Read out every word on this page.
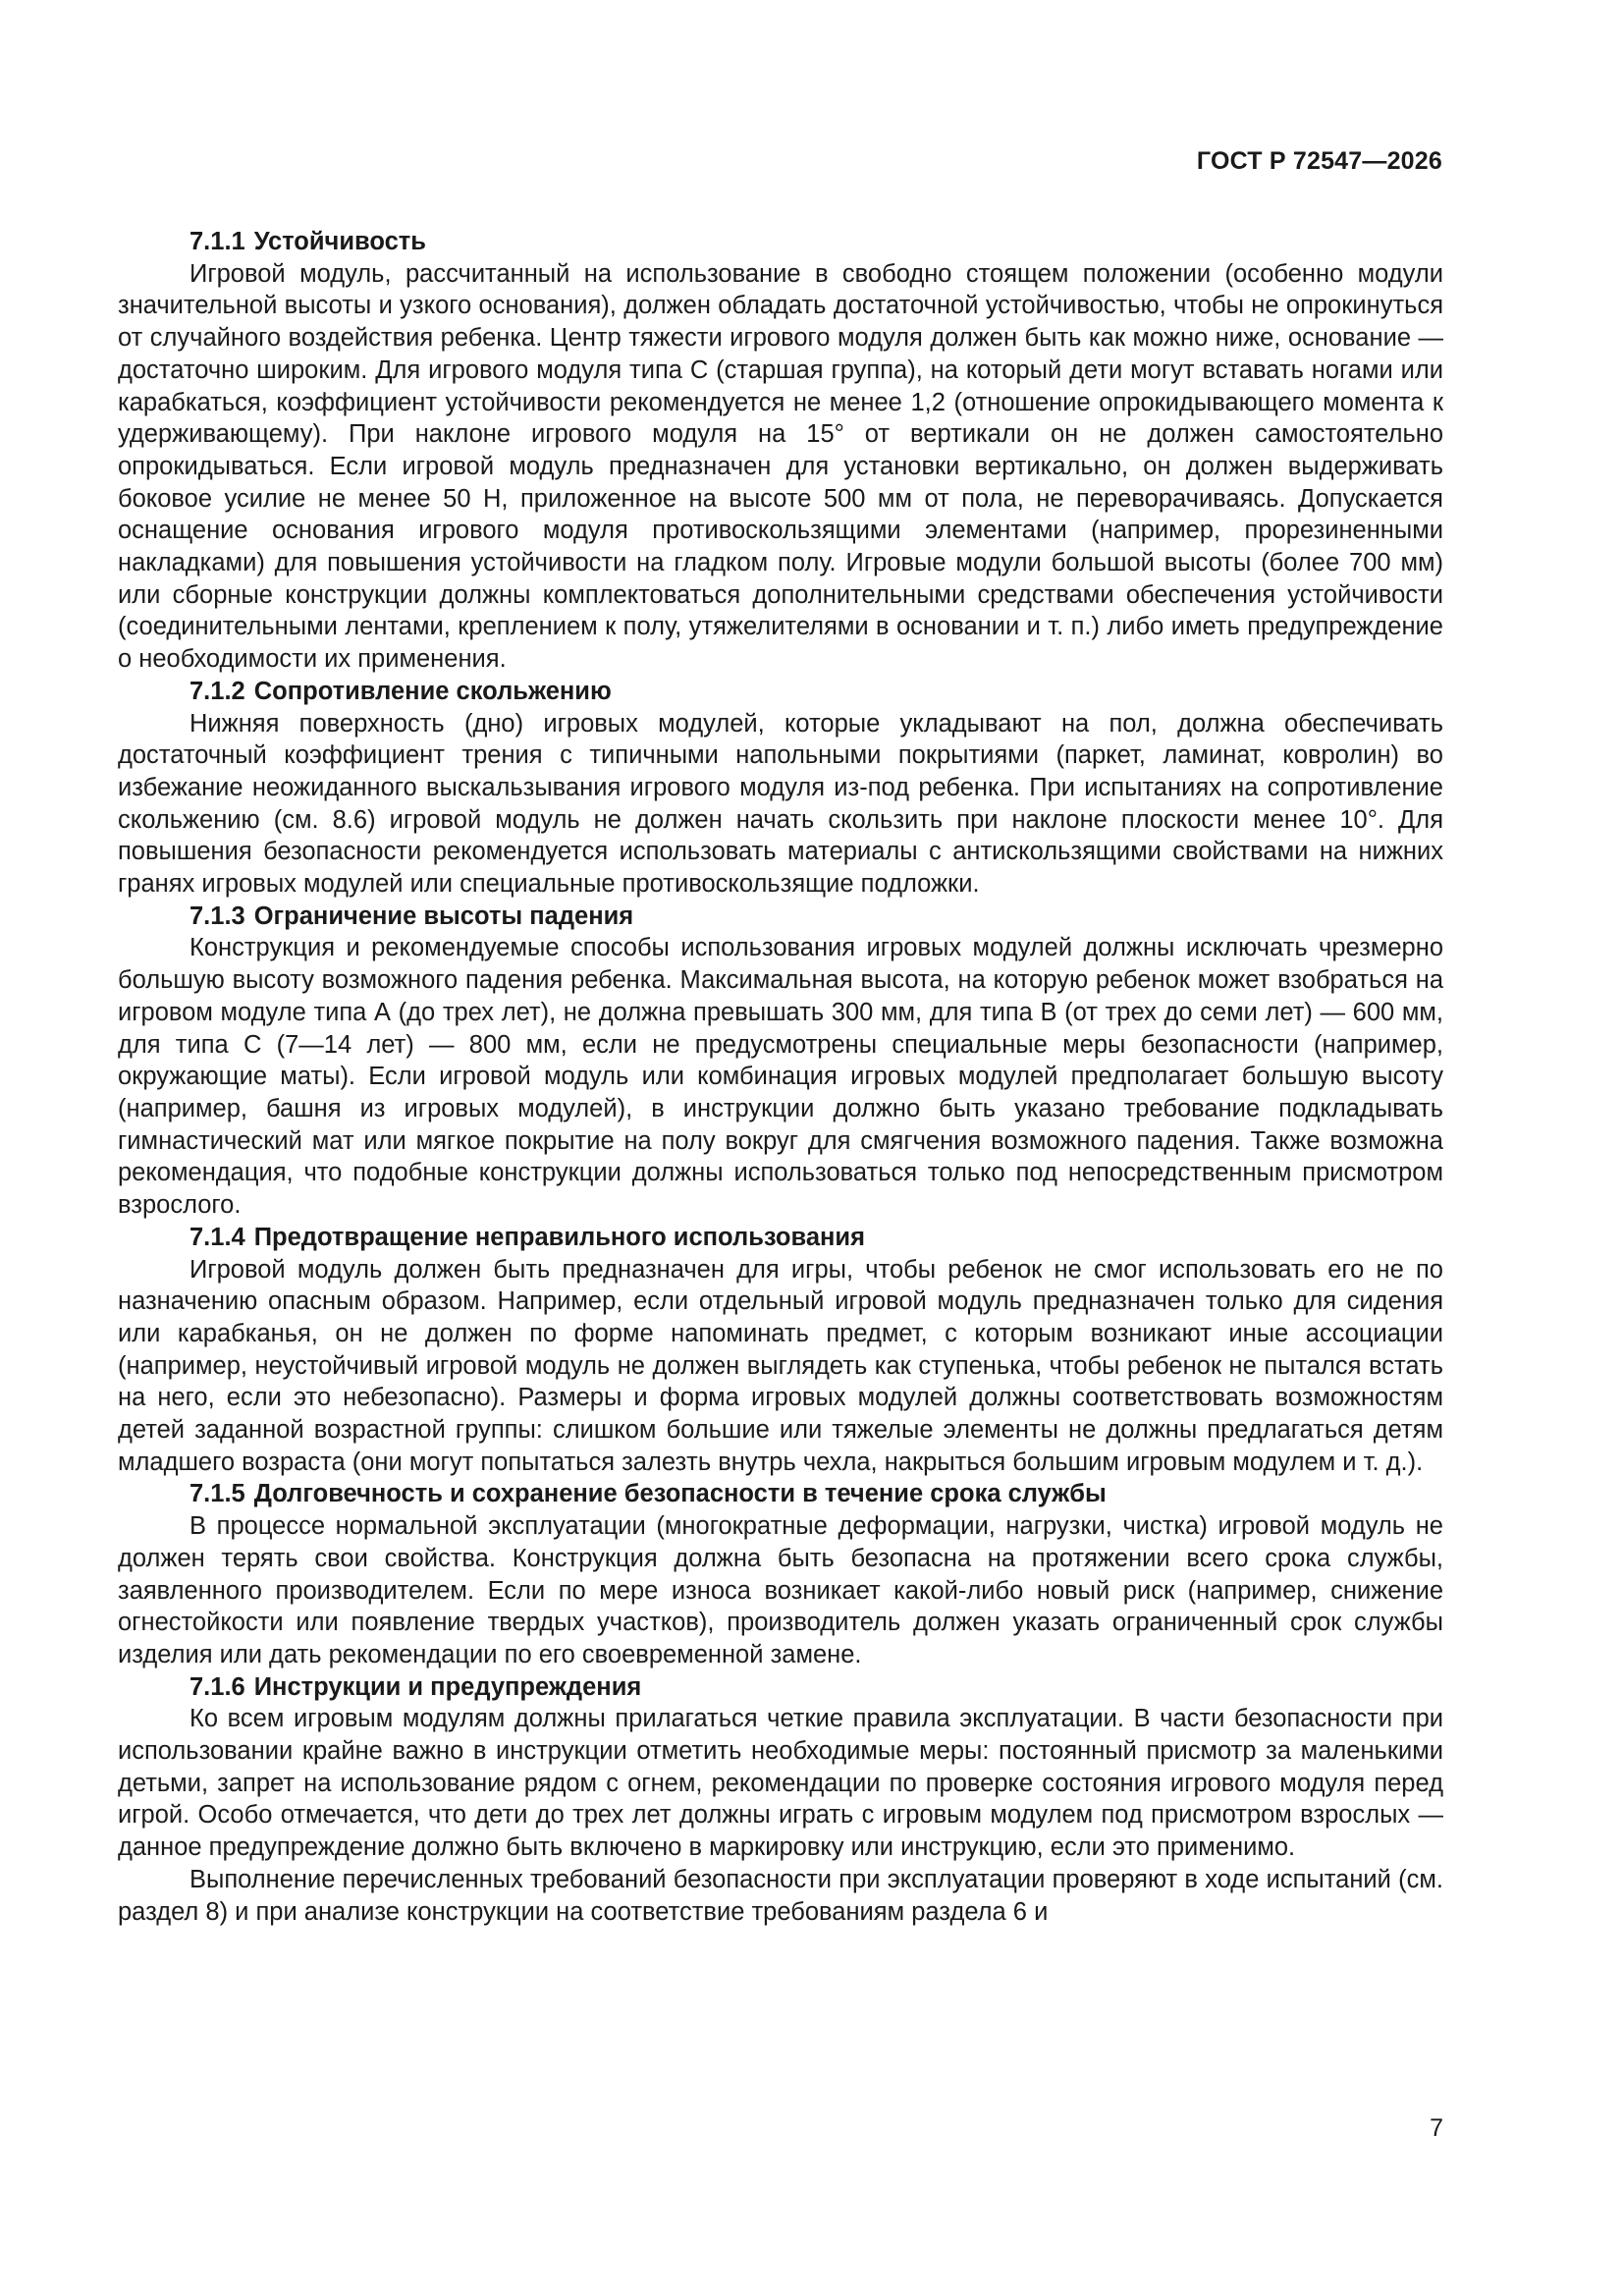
ГОСТ Р 72547—2026

7.1.1 Устойчивость

Игровой модуль, рассчитанный на использование в свободно стоящем положении (особенно модули значительной высоты и узкого основания), должен обладать достаточной устойчивостью, чтобы не опрокинуться от случайного воздействия ребенка. Центр тяжести игрового модуля должен быть как можно ниже, основание — достаточно широким. Для игрового модуля типа С (старшая группа), на который дети могут вставать ногами или карабкаться, коэффициент устойчивости рекомендуется не менее 1,2 (отношение опрокидывающего момента к удерживающему). При наклоне игрового модуля на 15° от вертикали он не должен самостоятельно опрокидываться. Если игровой модуль предназначен для установки вертикально, он должен выдерживать боковое усилие не менее 50 Н, приложенное на высоте 500 мм от пола, не переворачиваясь. Допускается оснащение основания игрового модуля противоскользящими элементами (например, прорезиненными накладками) для повышения устойчивости на гладком полу. Игровые модули большой высоты (более 700 мм) или сборные конструкции должны комплектоваться дополнительными средствами обеспечения устойчивости (соединительными лентами, креплением к полу, утяжелителями в основании и т. п.) либо иметь предупреждение о необходимости их применения.

7.1.2 Сопротивление скольжению

Нижняя поверхность (дно) игровых модулей, которые укладывают на пол, должна обеспечивать достаточный коэффициент трения с типичными напольными покрытиями (паркет, ламинат, ковролин) во избежание неожиданного выскальзывания игрового модуля из-под ребенка. При испытаниях на сопротивление скольжению (см. 8.6) игровой модуль не должен начать скользить при наклоне плоскости менее 10°. Для повышения безопасности рекомендуется использовать материалы с антискользящими свойствами на нижних гранях игровых модулей или специальные противоскользящие подложки.

7.1.3 Ограничение высоты падения

Конструкция и рекомендуемые способы использования игровых модулей должны исключать чрезмерно большую высоту возможного падения ребенка. Максимальная высота, на которую ребенок может взобраться на игровом модуле типа А (до трех лет), не должна превышать 300 мм, для типа В (от трех до семи лет) — 600 мм, для типа С (7—14 лет) — 800 мм, если не предусмотрены специальные меры безопасности (например, окружающие маты). Если игровой модуль или комбинация игровых модулей предполагает большую высоту (например, башня из игровых модулей), в инструкции должно быть указано требование подкладывать гимнастический мат или мягкое покрытие на полу вокруг для смягчения возможного падения. Также возможна рекомендация, что подобные конструкции должны использоваться только под непосредственным присмотром взрослого.

7.1.4 Предотвращение неправильного использования

Игровой модуль должен быть предназначен для игры, чтобы ребенок не смог использовать его не по назначению опасным образом. Например, если отдельный игровой модуль предназначен только для сидения или карабканья, он не должен по форме напоминать предмет, с которым возникают иные ассоциации (например, неустойчивый игровой модуль не должен выглядеть как ступенька, чтобы ребенок не пытался встать на него, если это небезопасно). Размеры и форма игровых модулей должны соответствовать возможностям детей заданной возрастной группы: слишком большие или тяжелые элементы не должны предлагаться детям младшего возраста (они могут попытаться залезть внутрь чехла, накрыться большим игровым модулем и т. д.).

7.1.5 Долговечность и сохранение безопасности в течение срока службы

В процессе нормальной эксплуатации (многократные деформации, нагрузки, чистка) игровой модуль не должен терять свои свойства. Конструкция должна быть безопасна на протяжении всего срока службы, заявленного производителем. Если по мере износа возникает какой-либо новый риск (например, снижение огнестойкости или появление твердых участков), производитель должен указать ограниченный срок службы изделия или дать рекомендации по его своевременной замене.

7.1.6 Инструкции и предупреждения

Ко всем игровым модулям должны прилагаться четкие правила эксплуатации. В части безопасности при использовании крайне важно в инструкции отметить необходимые меры: постоянный присмотр за маленькими детьми, запрет на использование рядом с огнем, рекомендации по проверке состояния игрового модуля перед игрой. Особо отмечается, что дети до трех лет должны играть с игровым модулем под присмотром взрослых — данное предупреждение должно быть включено в маркировку или инструкцию, если это применимо.

Выполнение перечисленных требований безопасности при эксплуатации проверяют в ходе испытаний (см. раздел 8) и при анализе конструкции на соответствие требованиям раздела 6 и

7
